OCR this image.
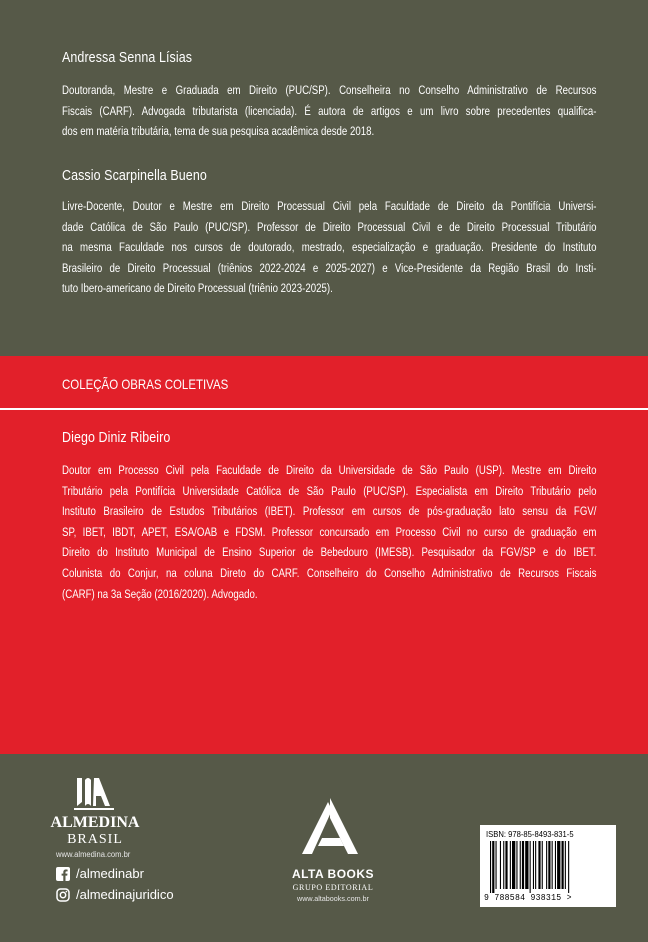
Andressa Senna Lísias

Doutoranda, Mestre e Graduada em Direito (PUC/SP). Conselheira no Conselho Administrativo de Recursos

Fiscais (CARF). Advogada tributarista (licenciada). É autora de artigos e um livro sobre precedentes qualifica-

dos em matéria tributária, tema de sua pesquisa acadêmica desde 2018.

Cassio Scarpinella Bueno

Livre-Docente, Doutor e Mestre em Direito Processual Civil pela Faculdade de Direito da Pontifícia Universi-

dade Católica de São Paulo (PUC/SP). Professor de Direito Processual Civil e de Direito Processual Tributário

na mesma Faculdade nos cursos de doutorado, mestrado, especialização e graduação. Presidente do Instituto

Brasileiro de Direito Processual (triênios 2022-2024 e 2025-2027) e Vice-Presidente da Região Brasil do Insti-

tuto Ibero-americano de Direito Processual (triênio 2023-2025).

COLEÇÃO OBRAS COLETIVAS
Diego Diniz Ribeiro

Doutor em Processo Civil pela Faculdade de Direito da Universidade de São Paulo (USP). Mestre em Direito

Tributário pela Pontifícia Universidade Católica de São Paulo (PUC/SP). Especialista em Direito Tributário pelo

Instituto Brasileiro de Estudos Tributários (IBET). Professor em cursos de pós-graduação lato sensu da FGV/

SP, IBET, IBDT, APET, ESA/OAB e FDSM. Professor concursado em Processo Civil no curso de graduação em

Direito do Instituto Municipal de Ensino Superior de Bebedouro (IMESB). Pesquisador da FGV/SP e do IBET.

Colunista do Conjur, na coluna Direto do CARF. Conselheiro do Conselho Administrativo de Recursos Fiscais

(CARF) na 3a Seção (2016/2020). Advogado.

ALMEDINA
BRASIL
www.almedina.com.br
/almedinabr
/almedinajuridico
ALTA BOOKS
GRUPO EDITORIAL
www.altabooks.com.br
ISBN: 978-85-8493-831-5
9 788584 938315 >
